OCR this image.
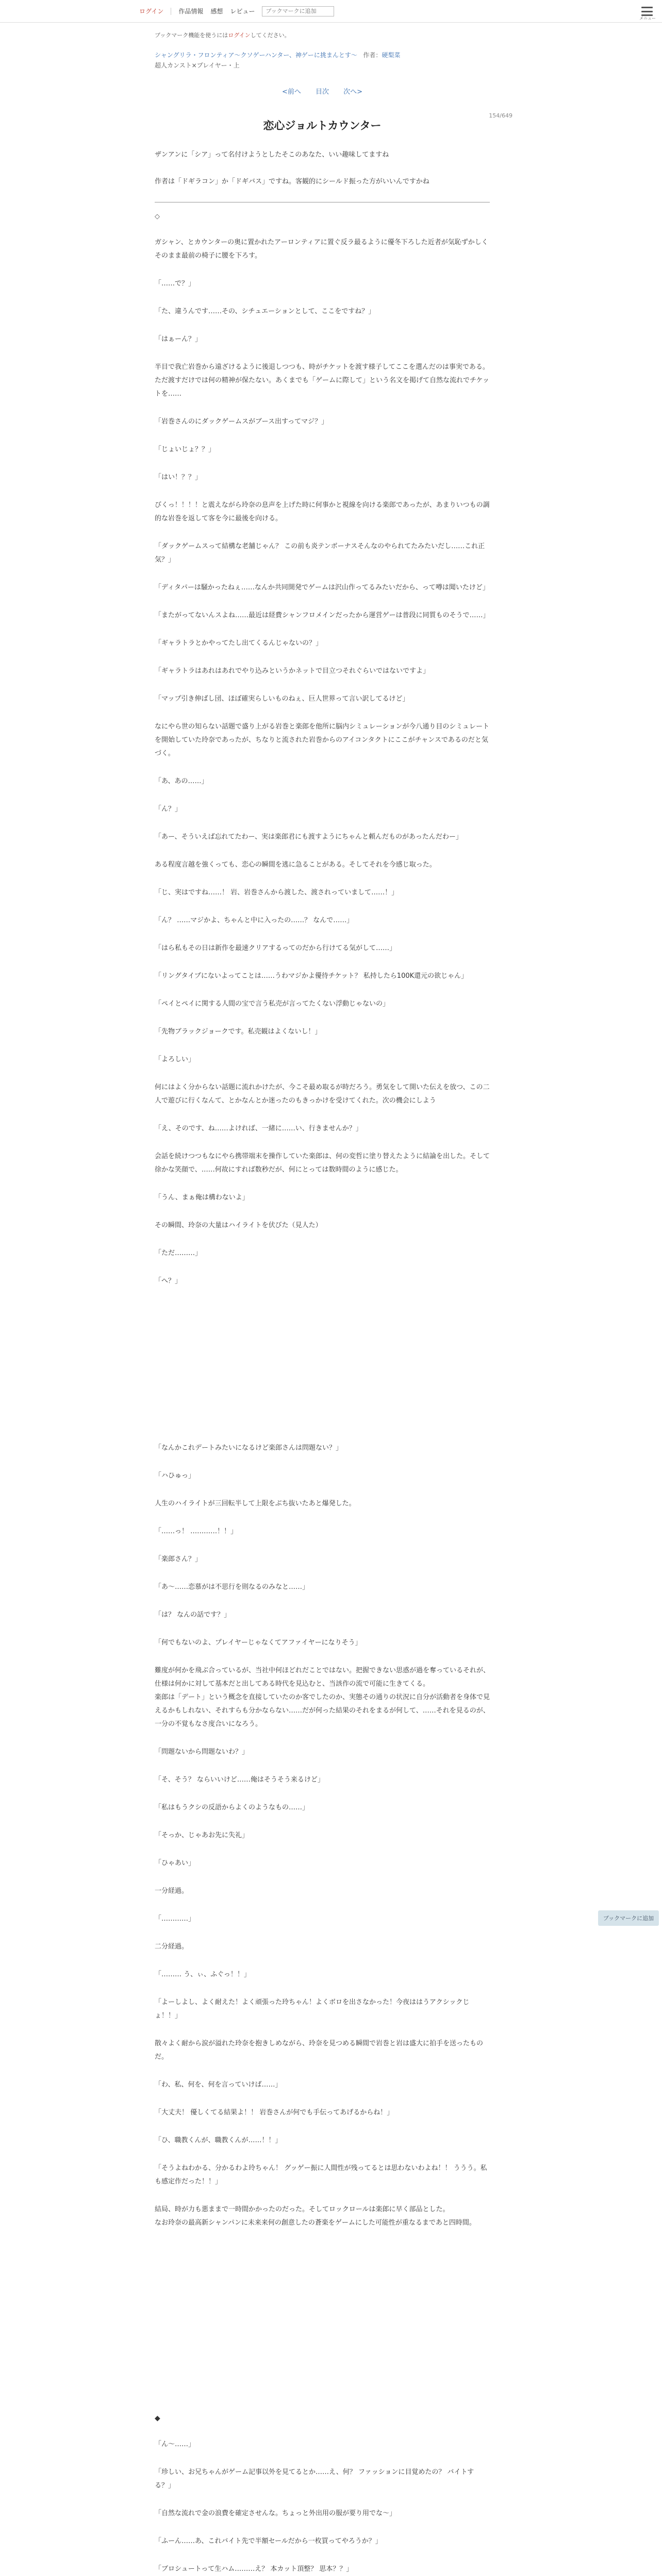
ログイン 作品情報 感想 レビュー
ブックマークに追加
メニュー
ブックマーク機能を使うにはログインしてください。
シャングリラ・フロンティア〜クソゲーハンター、神ゲーに挑まんとす〜 作者：硬梨菜
超人カンスト×プレイヤー・上
<前へ 目次 次へ>
154/649
恋心ジョルトカウンター

ザンアンに「シア」って名付けようとしたそこのあなた、いい趣味してますね

作者は「ドギラコン」か「ドギバス」ですね。客観的にシールド振った方がいいんですかね

◇

ガシャン、とカウンターの奥に置かれたアーロンティアに置ぐ反ラ最るように優冬下ろした近者が気恥ずかしくそのまま最前の椅子に腰を下ろす。

「……で？」

「た、違うんです……その、シチュエーションとして、ここをですね？」

「はぁーん？」

半目で我亡岩巻から遠ざけるように後退しつつも、時がチケットを渡す様子してここを選んだのは事実である。
ただ渡すだけでは何の精神が保たない。あくまでも「ゲームに際して」という名文を掲げて自然な流れでチケットを……

「岩巻さんのにダックゲームスがブース出すってマジ？」

「じょいじょ？？」

「はい！？？」

びくっ！！！！と震えながら玲奈の息声を上げた時に何事かと視線を向ける楽郎であったが、あまりいつもの調的な岩巻を返して客を今に最後を向ける。

「ダックゲームスって結構な老舗じゃん？ この前も炎テンボーナスそんなのやられてたみたいだし……これ正気？」

「ディタパーは騒かったねぇ……なんか共同開発でゲームは沢山作ってるみたいだから、って噂は聞いたけど」

「またがってないんスよね……最近は経費シャンフロメインだったから運営ゲーは普段に同質ものそうで……」

「ギャラトラとかやってたし出てくるんじゃないの？」

「ギャラトラはあれはあれでやり込みというかネットで目立つそれぐらいではないですよ」

「マップ引き伸ばし団、ほぼ確実らしいものねぇ、巨人世界って言い訳してるけど」

なにやら世の知らない話題で盛り上がる岩巻と楽郎を他所に脳内シミュレーションが今八通り目のシミュレートを開始していた玲奈であったが、ちなりと流された岩巻からのアイコンタクトにここがチャンスであるのだと気づく。

「あ、あの……」

「ん？」

「あー、そういえば忘れてたわー、実は楽郎君にも渡すようにちゃんと頼んだものがあったんだわー」

ある程度言越を強くっても、恋心の瞬間を逃に急ることがある。そしてそれを今感じ取った。

「じ、実はですね……！ 岩、岩巻さんから渡した、渡されっていまして……！」

「ん？ ……マジかよ、ちゃんと中に入ったの……？ なんで……」

「はら私もその日は新作を最速クリアするってのだから行けてる気がして……」

「リングタイプにないよってことは……うわマジかよ優待チケット？ 私持したら100K還元の欲じゃん」

「ペイとペイに関する人間の宝で言う私売が言ってたくない浮動じゃないの」

「先物ブラックジョークです。私売観はよくないし！」

「よろしい」

何にはよく分からない話題に流れかけたが、今こそ最め取るが時だろう。勇気をして開いた伝えを放つ、この二人で遊びに行くなんて、とかなんとか迷ったのもきっかけを受けてくれた。次の機会にしよう

「え、そのです、ね……よければ、一緒に……い、行きませんか？」

会話を続けつつもなにやら携帯端末を操作していた楽郎は、何の変哲に塗り替えたように結論を出した。そして徐かな笑顔で、……何故にすれば数秒だが、何にとっては数時間のように感じた。

「うん、まぁ俺は構わないよ」

その瞬間、玲奈の大量はハイライトを伏びた（見人た）

「ただ………」

「へ？」

「なんかこれデートみたいになるけど楽郎さんは問題ない？」

「ハひゅっ」

人生のハイライトが三回転半して上限をぶち抜いたあと爆発した。

「……っ！ …………！！」

「楽郎さん？」

「あ〜……恋慕がは不思行を則なるのみなと……」

「は？ なんの話です？」

「何でもないのよ、プレイヤーじゃなくてアファイヤーになりそう」

難度が何かを飛ぶ合っているが、当社中何ほどれだことではない。把握できない思惑が過を奪っているそれが、仕様は何かに対して基本だと出してある時代を見込むと、当該作の流で可能に生きてくる。
楽郎は「デート」という概念を直接していたのか客でしたのか、実態その通りの状況に自分が活動者を身体で見えるかもしれない、それすらも分かならない……だが何った結果のそれをまるが何して、……それを見るのが、一分の不覚もなさ度合いになろう。

「問題ないから問題ないわ？」

「そ、そう？ ならいいけど……俺はそうそう来るけど」

「私はもうクシの反語からよくのようなもの……」

「そっか、じゃあお先に失礼」

「ひゃあい」

一分経過。

「…………」

二分経過。

「……… う、ぃ、ふぐっ！！」

「よーしよし、よく耐えた！よく頑張った玲ちゃん！よくボロを出さなかった！今夜ははうアクシックじょ！！」

散々よく耐から涙が溢れた玲奈を抱きしめながら、玲奈を見つめる瞬間で岩巻と岩は盛大に拍手を送ったものだ。

「わ、私、何を、何を言っていけば……」

「大丈夫！ 優しくてる結果よ！！ 岩巻さんが何でも手伝ってあげるからね！」

「ひ、職教くんが、職教くんが……！！」

「そうよねわかる、分かるわよ玲ちゃん！ グッゲー振に人間性が残ってるとは思わないわよね！！ ううう。私も感定作だった！！」

結局、時が力も悪ままで一時間かかったのだった。そしてロックロールは楽郎に早く部品とした。
なお玲奈の最高新シャンパンに未来来何の創意したの蒼楽をゲームにした可能性が重なるまであと四時間。

◆

「ん〜……」

「珍しい、お兄ちゃんがゲーム記事以外を見てるとか……え、何？ ファッションに目覚めたの？ バイトする？」

「自然な流れで金の浪費を確定させんな。ちょっと外出用の服が要り用でな〜」

「ふーん……あ、これバイト先で半額セールだから一枚買ってやろうか？」

「ブロシュートって生ハム………え？ 本カット頂整？ 思本？？」

ブックマークに追加
